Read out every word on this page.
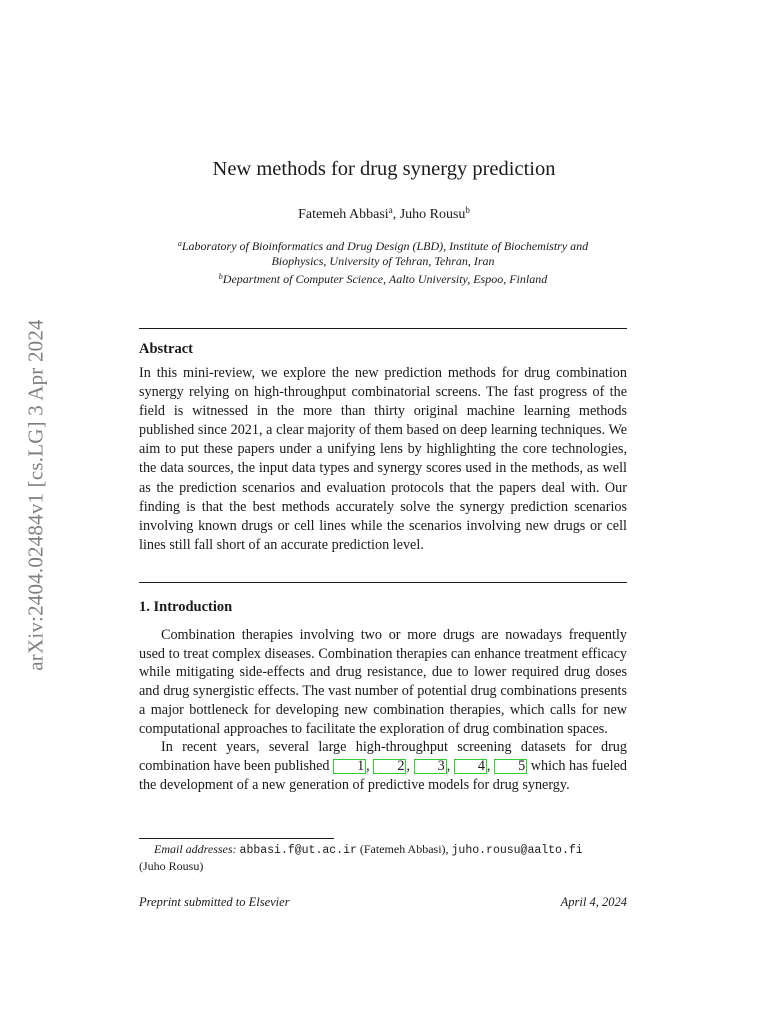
arXiv:2404.02484v1 [cs.LG] 3 Apr 2024
New methods for drug synergy prediction
Fatemeh Abbasi$^a$, Juho Rousu$^b$
$^a$Laboratory of Bioinformatics and Drug Design (LBD), Institute of Biochemistry and
Biophysics, University of Tehran, Tehran, Iran
$^b$Department of Computer Science, Aalto University, Espoo, Finland
Abstract

In this mini-review, we explore the new prediction methods for drug combination synergy relying on high-throughput combinatorial screens. The fast progress of the field is witnessed in the more than thirty original machine learning methods published since 2021, a clear majority of them based on deep learning techniques. We aim to put these papers under a unifying lens by highlighting the core technologies, the data sources, the input data types and synergy scores used in the methods, as well as the prediction scenarios and evaluation protocols that the papers deal with. Our finding is that the best methods accurately solve the synergy prediction scenarios involving known drugs or cell lines while the scenarios involving new drugs or cell lines still fall short of an accurate prediction level.

1. Introduction

Combination therapies involving two or more drugs are nowadays frequently used to treat complex diseases. Combination therapies can enhance treatment efficacy while mitigating side-effects and drug resistance, due to lower required drug doses and drug synergistic effects. The vast number of potential drug combinations presents a major bottleneck for developing new combination therapies, which calls for new computational approaches to facilitate the exploration of drug combination spaces.

In recent years, several large high-throughput screening datasets for drug combination have been published 1 , 2 , 3 , 4 , 5 which has fueled the development of a new generation of predictive models for drug synergy.

Email addresses: abbasi.f@ut.ac.ir (Fatemeh Abbasi), juho.rousu@aalto.fi
(Juho Rousu)

Preprint submitted to Elsevier	April 4, 2024
